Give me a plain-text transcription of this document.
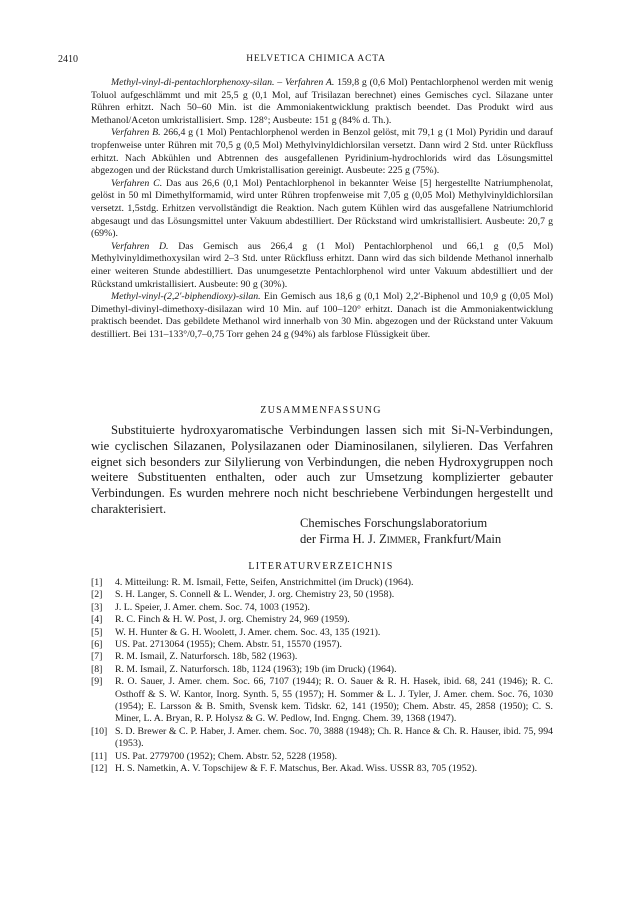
2410	HELVETICA CHIMICA ACTA

Methyl-vinyl-di-pentachlorphenoxy-silan. – Verfahren A. 159,8 g (0,6 Mol) Pentachlorphenol werden mit wenig Toluol aufgeschlämmt und mit 25,5 g (0,1 Mol, auf Trisilazan berechnet) eines Gemisches cycl. Silazane unter Rühren erhitzt. Nach 50–60 Min. ist die Ammoniakentwicklung praktisch beendet. Das Produkt wird aus Methanol/Aceton umkristallisiert. Smp. 128°; Ausbeute: 151 g (84% d. Th.).

Verfahren B. 266,4 g (1 Mol) Pentachlorphenol werden in Benzol gelöst, mit 79,1 g (1 Mol) Pyridin und darauf tropfenweise unter Rühren mit 70,5 g (0,5 Mol) Methylvinyldichlorsilan versetzt. Dann wird 2 Std. unter Rückfluss erhitzt. Nach Abkühlen und Abtrennen des ausgefallenen Pyridinium-hydrochlorids wird das Lösungsmittel abgezogen und der Rückstand durch Umkristallisation gereinigt. Ausbeute: 225 g (75%).

Verfahren C. Das aus 26,6 (0,1 Mol) Pentachlorphenol in bekannter Weise [5] hergestellte Natriumphenolat, gelöst in 50 ml Dimethylformamid, wird unter Rühren tropfenweise mit 7,05 g (0,05 Mol) Methylvinyldichlorsilan versetzt. 1,5stdg. Erhitzen vervollständigt die Reaktion. Nach gutem Kühlen wird das ausgefallene Natriumchlorid abgesaugt und das Lösungsmittel unter Vakuum abdestilliert. Der Rückstand wird umkristallisiert. Ausbeute: 20,7 g (69%).

Verfahren D. Das Gemisch aus 266,4 g (1 Mol) Pentachlorphenol und 66,1 g (0,5 Mol) Methylvinyldimethoxysilan wird 2–3 Std. unter Rückfluss erhitzt. Dann wird das sich bildende Methanol innerhalb einer weiteren Stunde abdestilliert. Das unumgesetzte Pentachlorphenol wird unter Vakuum abdestilliert und der Rückstand umkristallisiert. Ausbeute: 90 g (30%).

Methyl-vinyl-(2,2′-biphendioxy)-silan. Ein Gemisch aus 18,6 g (0,1 Mol) 2,2′-Biphenol und 10,9 g (0,05 Mol) Dimethyl-divinyl-dimethoxy-disilazan wird 10 Min. auf 100–120° erhitzt. Danach ist die Ammoniakentwicklung praktisch beendet. Das gebildete Methanol wird innerhalb von 30 Min. abgezogen und der Rückstand unter Vakuum destilliert. Bei 131–133°/0,7–0,75 Torr gehen 24 g (94%) als farblose Flüssigkeit über.

ZUSAMMENFASSUNG

Substituierte hydroxyaromatische Verbindungen lassen sich mit Si-N-Verbindungen, wie cyclischen Silazanen, Polysilazanen oder Diaminosilanen, silylieren. Das Verfahren eignet sich besonders zur Silylierung von Verbindungen, die neben Hydroxygruppen noch weitere Substituenten enthalten, oder auch zur Umsetzung komplizierter gebauter Verbindungen. Es wurden mehrere noch nicht beschriebene Verbindungen hergestellt und charakterisiert.

Chemisches Forschungslaboratorium
der Firma H. J. Zimmer, Frankfurt/Main
LITERATURVERZEICHNIS
[1] 4. Mitteilung: R. M. Ismail, Fette, Seifen, Anstrichmittel (im Druck) (1964).
[2] S. H. Langer, S. Connell & L. Wender, J. org. Chemistry 23, 50 (1958).
[3] J. L. Speier, J. Amer. chem. Soc. 74, 1003 (1952).
[4] R. C. Finch & H. W. Post, J. org. Chemistry 24, 969 (1959).
[5] W. H. Hunter & G. H. Woolett, J. Amer. chem. Soc. 43, 135 (1921).
[6] US. Pat. 2713064 (1955); Chem. Abstr. 51, 15570 (1957).
[7] R. M. Ismail, Z. Naturforsch. 18b, 582 (1963).
[8] R. M. Ismail, Z. Naturforsch. 18b, 1124 (1963); 19b (im Druck) (1964).
[9] R. O. Sauer, J. Amer. chem. Soc. 66, 7107 (1944); R. O. Sauer & R. H. Hasek, ibid. 68, 241 (1946); R. C. Osthoff & S. W. Kantor, Inorg. Synth. 5, 55 (1957); H. Sommer & L. J. Tyler, J. Amer. chem. Soc. 76, 1030 (1954); E. Larsson & B. Smith, Svensk kem. Tidskr. 62, 141 (1950); Chem. Abstr. 45, 2858 (1950); C. S. Miner, L. A. Bryan, R. P. Holysz & G. W. Pedlow, Ind. Engng. Chem. 39, 1368 (1947).
[10] S. D. Brewer & C. P. Haber, J. Amer. chem. Soc. 70, 3888 (1948); Ch. R. Hance & Ch. R. Hauser, ibid. 75, 994 (1953).
[11] US. Pat. 2779700 (1952); Chem. Abstr. 52, 5228 (1958).
[12] H. S. Nametkin, A. V. Topschijew & F. F. Matschus, Ber. Akad. Wiss. USSR 83, 705 (1952).
